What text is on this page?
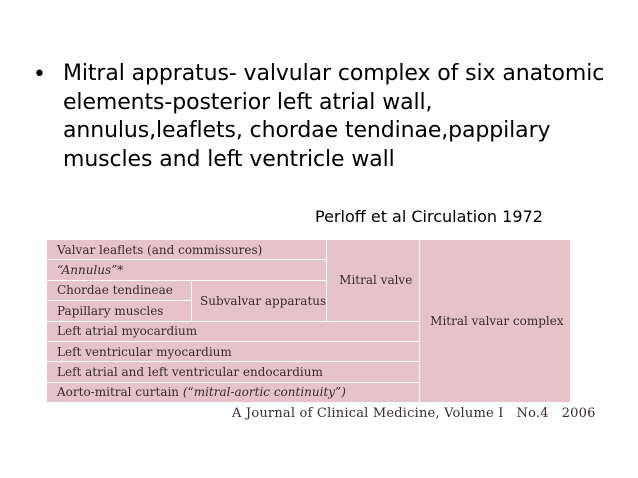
• Mitral appratus- valvular complex of six anatomic elements-posterior left atrial wall, annulus,leaflets, chordae tendinae,pappilary muscles and left ventricle wall
Perloff et al Circulation 1972
Valvar leaflets (and commissures)		Mitral valve	Mitral valvar complex
“Annulus”*			
Chordae tendineae	Subvalvar apparatus		
Papillary muscles			
Left atrial myocardium			
Left ventricular myocardium			
Left atrial and left ventricular endocardium			
Aorto-mitral curtain (“mitral-aortic continuity”)			
A Journal of Clinical Medicine, Volume I   No.4   2006
